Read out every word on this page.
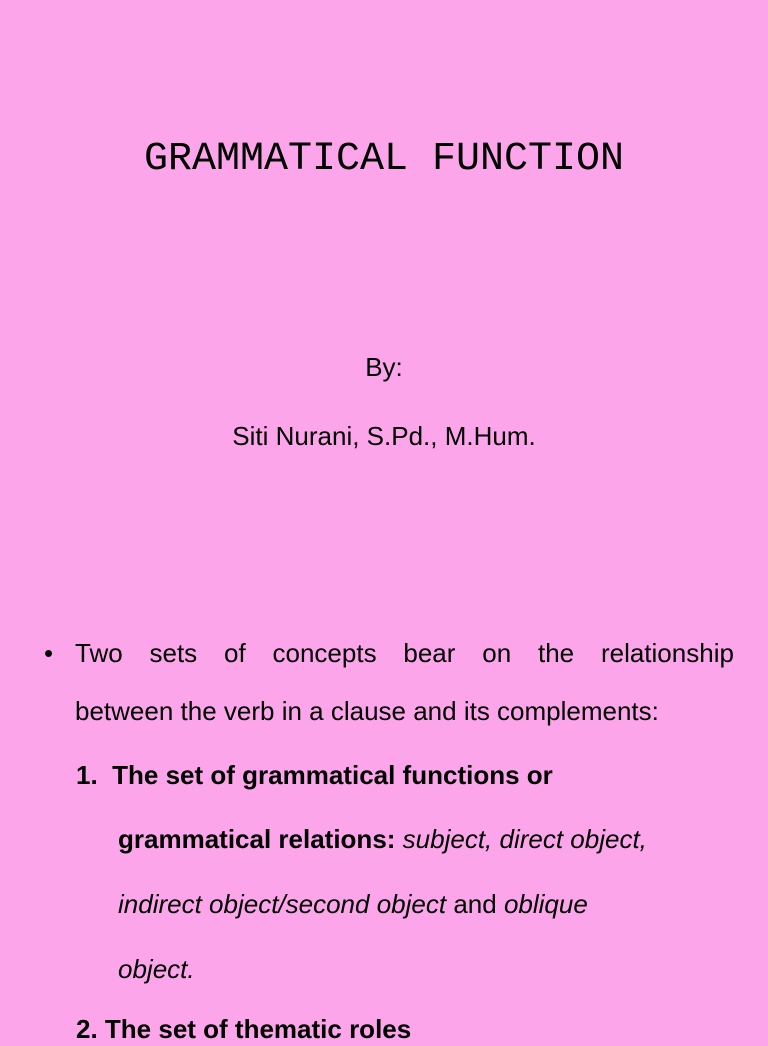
GRAMMATICAL FUNCTION
By:
Siti Nurani, S.Pd., M.Hum.
• Two sets of concepts bear on the relationship
between the verb in a clause and its complements:
1. The set of grammatical functions or
grammatical relations: subject, direct object,
indirect object/second object and oblique
object.
2. The set of thematic roles
